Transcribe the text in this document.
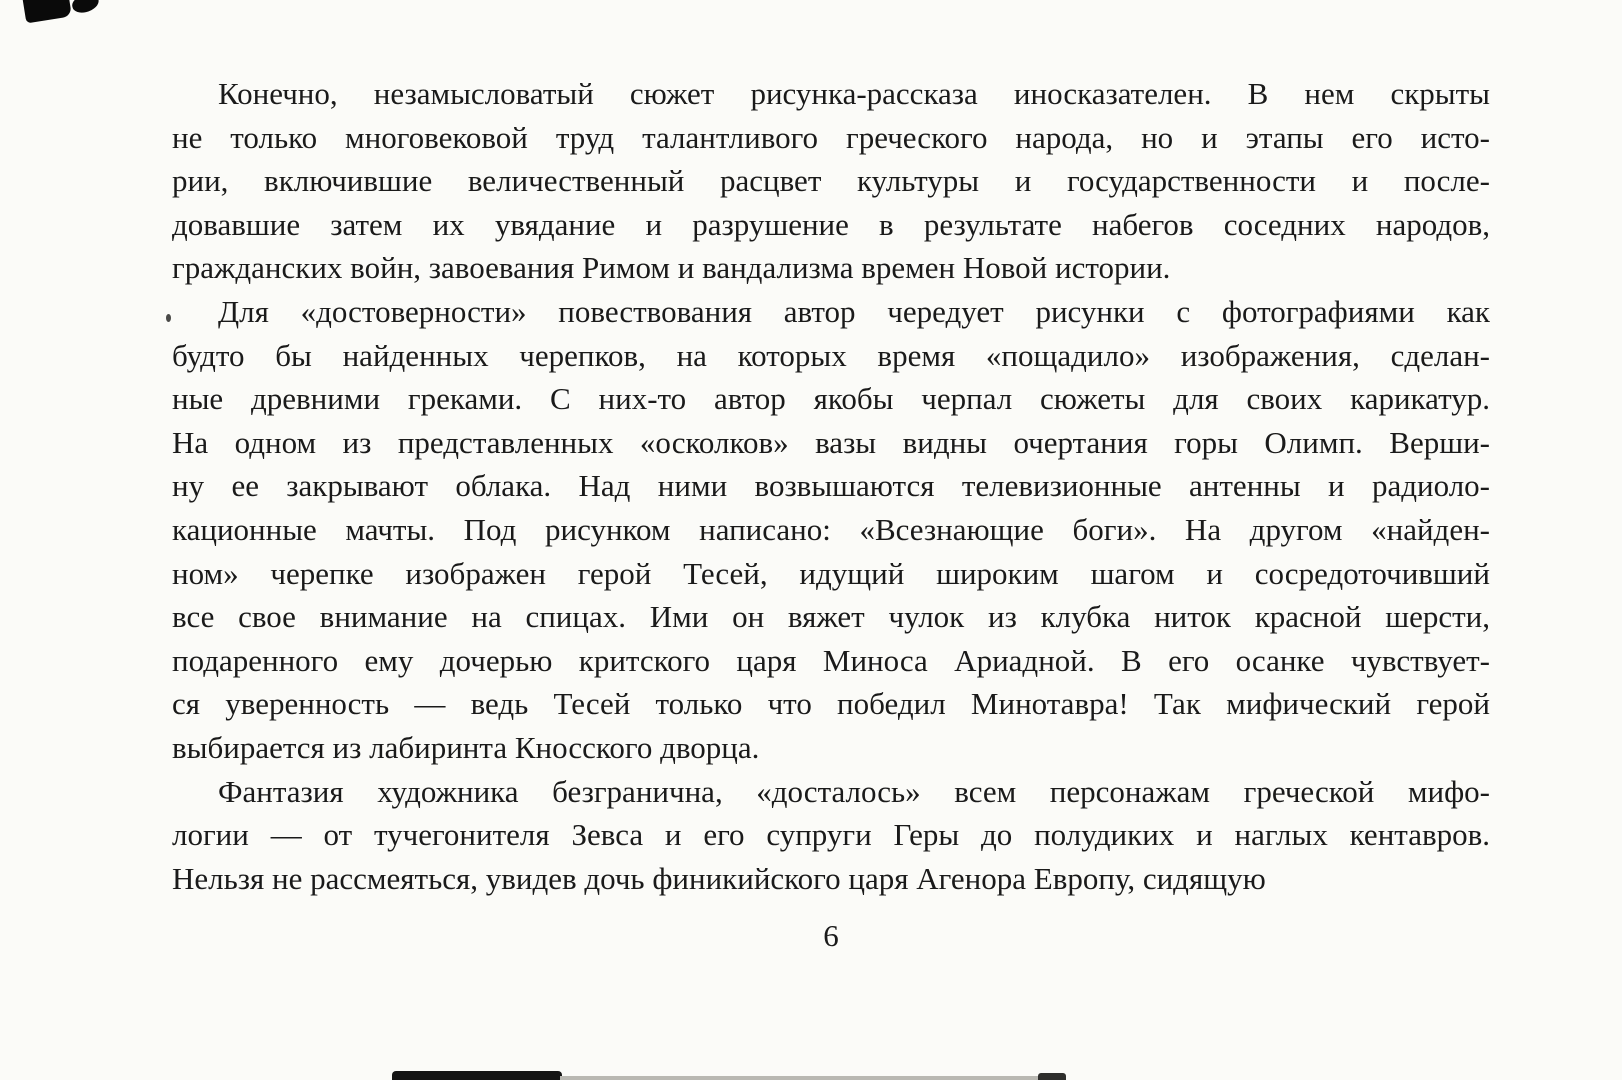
Конечно, незамысловатый сюжет рисунка-рассказа иносказателен. В нем скрыты
не только многовековой труд талантливого греческого народа, но и этапы его исто-
рии, включившие величественный расцвет культуры и государственности и после-
довавшие затем их увядание и разрушение в результате набегов соседних народов,
гражданских войн, завоевания Римом и вандализма времен Новой истории.
Для «достоверности» повествования автор чередует рисунки с фотографиями как
будто бы найденных черепков, на которых время «пощадило» изображения, сделан-
ные древними греками. С них-то автор якобы черпал сюжеты для своих карикатур.
На одном из представленных «осколков» вазы видны очертания горы Олимп. Верши-
ну ее закрывают облака. Над ними возвышаются телевизионные антенны и радиоло-
кационные мачты. Под рисунком написано: «Всезнающие боги». На другом «найден-
ном» черепке изображен герой Тесей, идущий широким шагом и сосредоточивший
все свое внимание на спицах. Ими он вяжет чулок из клубка ниток красной шерсти,
подаренного ему дочерью критского царя Миноса Ариадной. В его осанке чувствует-
ся уверенность — ведь Тесей только что победил Минотавра! Так мифический герой
выбирается из лабиринта Кносского дворца.
Фантазия художника безгранична, «досталось» всем персонажам греческой мифо-
логии — от тучегонителя Зевса и его супруги Геры до полудиких и наглых кентавров.
Нельзя не рассмеяться, увидев дочь финикийского царя Агенора Европу, сидящую
6
